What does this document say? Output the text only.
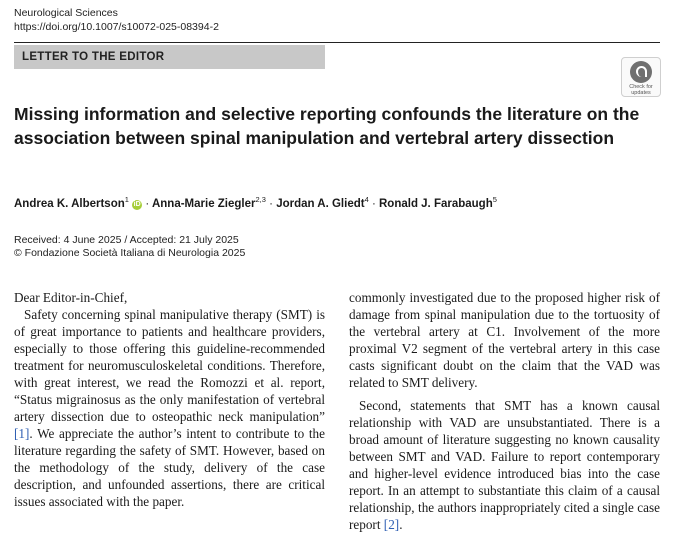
Neurological Sciences
https://doi.org/10.1007/s10072-025-08394-2
LETTER TO THE EDITOR
Check for updates
Missing information and selective reporting confounds the literature on the association between spinal manipulation and vertebral artery dissection
Andrea K. Albertson$^1$ iD · Anna-Marie Ziegler$^{2,3}$ · Jordan A. Gliedt$^4$ · Ronald J. Farabaugh$^5$
Received: 4 June 2025 / Accepted: 21 July 2025
© Fondazione Società Italiana di Neurologia 2025

Dear Editor-in-Chief,

Safety concerning spinal manipulative therapy (SMT) is of great importance to patients and healthcare providers, especially to those offering this guideline-recommended treatment for neuromusculoskeletal conditions. Therefore, with great interest, we read the Romozzi et al. report, “Status migrainosus as the only manifestation of vertebral artery dissection due to osteopathic neck manipulation” [1]. We appreciate the author’s intent to contribute to the literature regarding the safety of SMT. However, based on the methodology of the study, delivery of the case description, and unfounded assertions, there are critical issues associated with the paper.

commonly investigated due to the proposed higher risk of damage from spinal manipulation due to the tortuosity of the vertebral artery at C1. Involvement of the more proximal V2 segment of the vertebral artery in this case casts significant doubt on the claim that the VAD was related to SMT delivery.

Second, statements that SMT has a known causal relationship with VAD are unsubstantiated. There is a broad amount of literature suggesting no known causality between SMT and VAD. Failure to report contemporary and higher-level evidence introduced bias into the case report. In an attempt to substantiate this claim of a causal relationship, the authors inappropriately cited a single case report [2].
